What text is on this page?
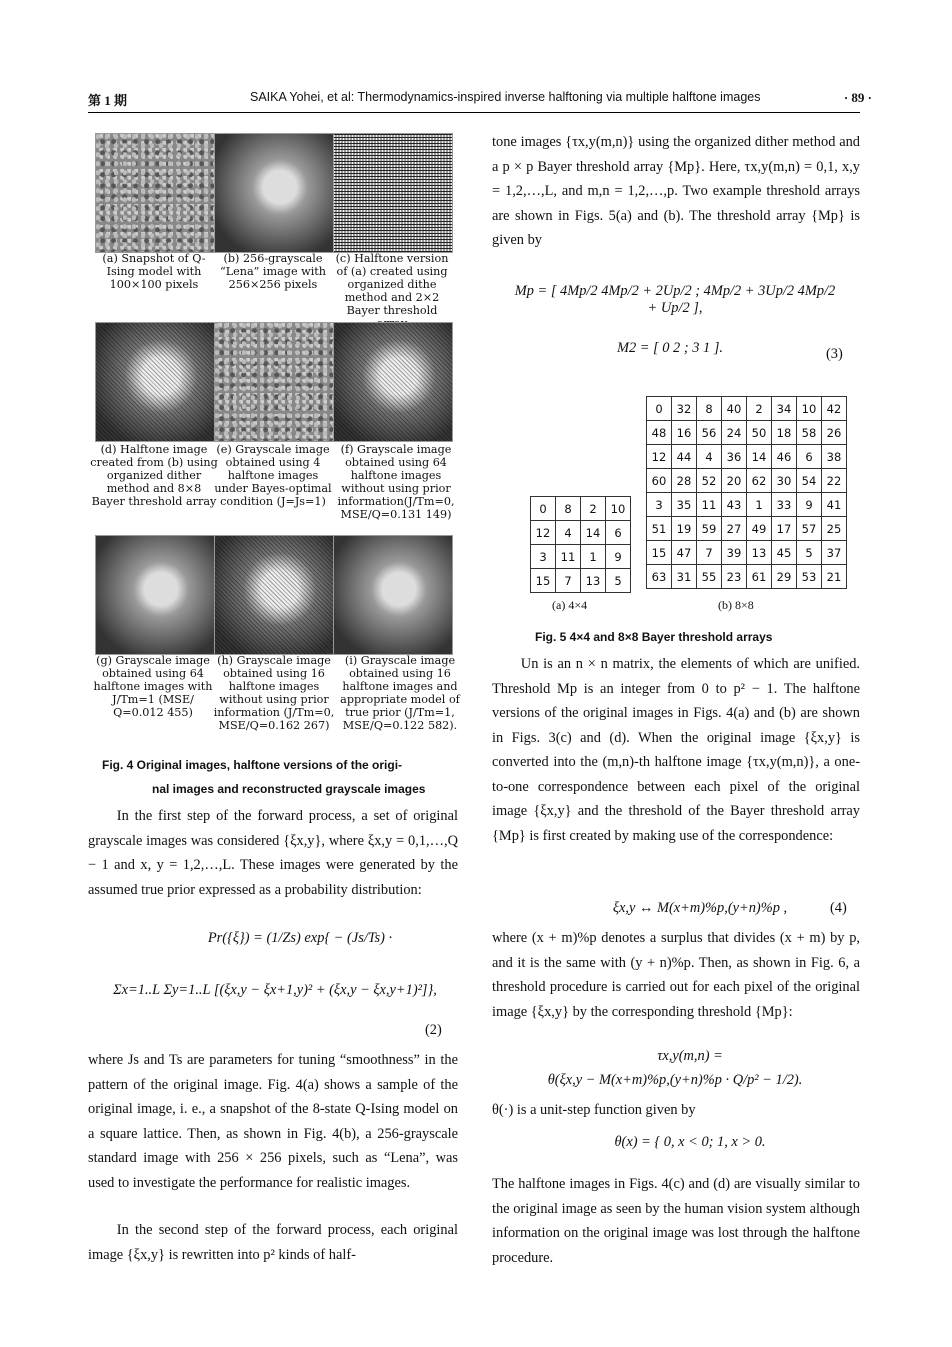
第 1 期	SAIKA Yohei, et al: Thermodynamics-inspired inverse halftoning via multiple halftone images	· 89 ·
(a) Snapshot of Q-Ising model with 100×100 pixels
(b) 256-grayscale “Lena” image with 256×256 pixels
(c) Halftone version of (a) created using organized dithe method and 2×2 Bayer threshold
(d) Halftone image created from (b) using organized dither method and 8×8 Bayer threshold array
(e) Grayscale image obtained using 4 halftone images under Bayes-optimal condition (J=Js=1)
(f) Grayscale image obtained using 64 halftone images without using prior information(J/Tm=0, MSE/Q=0.131 149)
(g) Grayscale image obtained using 64 halftone images with J/Tm=1 (MSE/ Q=0.012 455)
(h) Grayscale image obtained using 16 halftone images without using prior information (J/Tm=0, MSE/Q=0.162 267)
(i) Grayscale image obtained using 16 halftone images and appropriate model of true prior (J/Tm=1, MSE/Q=0.122 582).
Fig. 4 Original images, halftone versions of the origi-
nal images and reconstructed grayscale images
In the first step of the forward process, a set of original grayscale images was considered {ξx,y}, where ξx,y = 0,1,…,Q − 1 and x, y = 1,2,…,L. These images were generated by the assumed true prior expressed as a probability distribution:
Pr({ξ}) = (1/Zs) exp{ − (Js/Ts) ·
Σx=1..L Σy=1..L [(ξx,y − ξx+1,y)² + (ξx,y − ξx,y+1)²]},
(2)
where Js and Ts are parameters for tuning “smoothness” in the pattern of the original image. Fig. 4(a) shows a sample of the original image, i. e., a snapshot of the 8-state Q-Ising model on a square lattice. Then, as shown in Fig. 4(b), a 256-grayscale standard image with 256 × 256 pixels, such as “Lena”, was used to investigate the performance for realistic images.
In the second step of the forward process, each original image {ξx,y} is rewritten into p² kinds of half-
tone images {τx,y(m,n)} using the organized dither method and a p × p Bayer threshold array {Mp}. Here, τx,y(m,n) = 0,1, x,y = 1,2,…,L, and m,n = 1,2,…,p. Two example threshold arrays are shown in Figs. 5(a) and (b). The threshold array {Mp} is given by
Mp = [ 4Mp/2 4Mp/2 + 2Up/2 ; 4Mp/2 + 3Up/2 4Mp/2 + Up/2 ],
M2 = [ 0 2 ; 3 1 ].	(3)
0	32	8	40	2	34	10	42
48	16	56	24	50	18	58	26
12	44	4	36	14	46	6	38
60	28	52	20	62	30	54	22
3	35	11	43	1	33	9	41
51	19	59	27	49	17	57	25
15	47	7	39	13	45	5	37
63	31	55	23	61	29	53	21
0	8	2	10
12	4	14	6
3	11	1	9
15	7	13	5
(a) 4×4	(b) 8×8
Fig. 5 4×4 and 8×8 Bayer threshold arrays
Un is an n × n matrix, the elements of which are unified. Threshold Mp is an integer from 0 to p² − 1. The halftone versions of the original images in Figs. 4(a) and (b) are shown in Figs. 3(c) and (d). When the original image {ξx,y} is converted into the (m,n)-th halftone image {τx,y(m,n)}, a one-to-one correspondence between each pixel of the original image {ξx,y} and the threshold of the Bayer threshold array {Mp} is first created by making use of the correspondence:
ξx,y ↔ M(x+m)%p,(y+n)%p ,	(4)
where (x + m)%p denotes a surplus that divides (x + m) by p, and it is the same with (y + n)%p. Then, as shown in Fig. 6, a threshold procedure is carried out for each pixel of the original image {ξx,y} by the corresponding threshold {Mp}:
τx,y(m,n) =
θ(ξx,y − M(x+m)%p,(y+n)%p · Q/p² − 1/2).
θ(·) is a unit-step function given by
θ(x) = { 0, x < 0; 1, x > 0.
The halftone images in Figs. 4(c) and (d) are visually similar to the original image as seen by the human vision system although information on the original image was lost through the halftone procedure.
